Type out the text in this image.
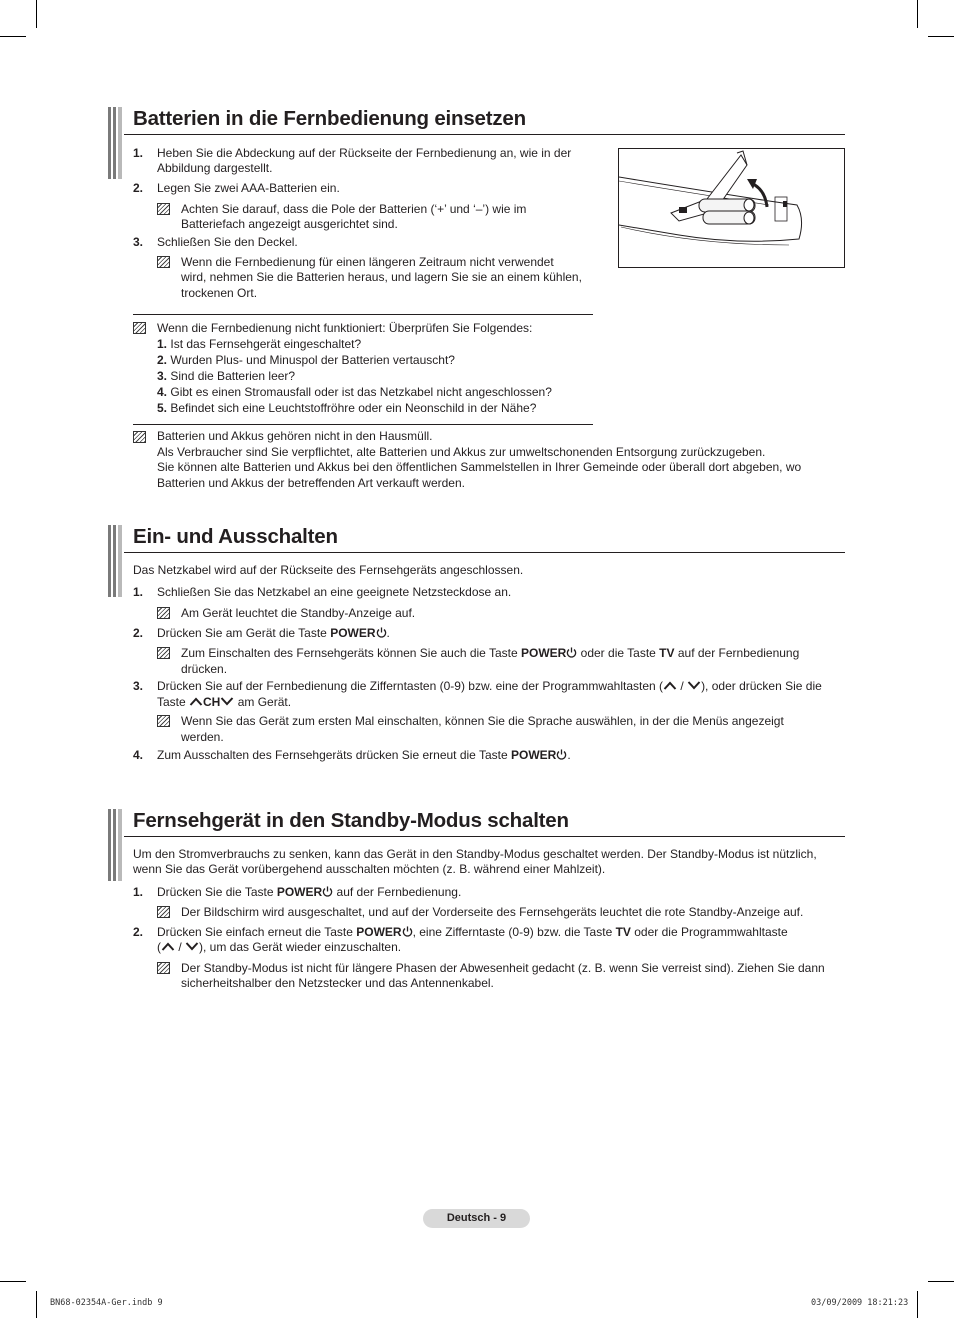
Batterien in die Fernbedienung einsetzen
1. Heben Sie die Abdeckung auf der Rückseite der Fernbedienung an, wie in der
Abbildung dargestellt.
2. Legen Sie zwei AAA-Batterien ein.
Achten Sie darauf, dass die Pole der Batterien (‘+’ und ‘–’) wie im
Batteriefach angezeigt ausgerichtet sind.
3. Schließen Sie den Deckel.
Wenn die Fernbedienung für einen längeren Zeitraum nicht verwendet
wird, nehmen Sie die Batterien heraus, und lagern Sie sie an einem kühlen,
trockenen Ort.
Wenn die Fernbedienung nicht funktioniert: Überprüfen Sie Folgendes:
1. Ist das Fernsehgerät eingeschaltet?
2. Wurden Plus- und Minuspol der Batterien vertauscht?
3. Sind die Batterien leer?
4. Gibt es einen Stromausfall oder ist das Netzkabel nicht angeschlossen?
5. Befindet sich eine Leuchtstoffröhre oder ein Neonschild in der Nähe?
Batterien und Akkus gehören nicht in den Hausmüll.
Als Verbraucher sind Sie verpflichtet, alte Batterien und Akkus zur umweltschonenden Entsorgung zurückzugeben.
Sie können alte Batterien und Akkus bei den öffentlichen Sammelstellen in Ihrer Gemeinde oder überall dort abgeben, wo
Batterien und Akkus der betreffenden Art verkauft werden.
Ein- und Ausschalten
Das Netzkabel wird auf der Rückseite des Fernsehgeräts angeschlossen.
1. Schließen Sie das Netzkabel an eine geeignete Netzsteckdose an.
Am Gerät leuchtet die Standby-Anzeige auf.
2. Drücken Sie am Gerät die Taste POWER .
Zum Einschalten des Fernsehgeräts können Sie auch die Taste POWER oder die Taste TV auf der Fernbedienung
drücken.
3. Drücken Sie auf der Fernbedienung die Zifferntasten (0-9) bzw. eine der Programmwahltasten ( / ), oder drücken Sie die
Taste CH am Gerät.
Wenn Sie das Gerät zum ersten Mal einschalten, können Sie die Sprache auswählen, in der die Menüs angezeigt
werden.
4. Zum Ausschalten des Fernsehgeräts drücken Sie erneut die Taste POWER .
Fernsehgerät in den Standby-Modus schalten
Um den Stromverbrauchs zu senken, kann das Gerät in den Standby-Modus geschaltet werden. Der Standby-Modus ist nützlich,
wenn Sie das Gerät vorübergehend ausschalten möchten (z. B. während einer Mahlzeit).
1. Drücken Sie die Taste POWER auf der Fernbedienung.
Der Bildschirm wird ausgeschaltet, und auf der Vorderseite des Fernsehgeräts leuchtet die rote Standby-Anzeige auf.
2. Drücken Sie einfach erneut die Taste POWER , eine Zifferntaste (0-9) bzw. die Taste TV oder die Programmwahltaste
( / ), um das Gerät wieder einzuschalten.
Der Standby-Modus ist nicht für längere Phasen der Abwesenheit gedacht (z. B. wenn Sie verreist sind). Ziehen Sie dann
sicherheitshalber den Netzstecker und das Antennenkabel.
Deutsch - 9
BN68-02354A-Ger.indb 9	03/09/2009 18:21:23
